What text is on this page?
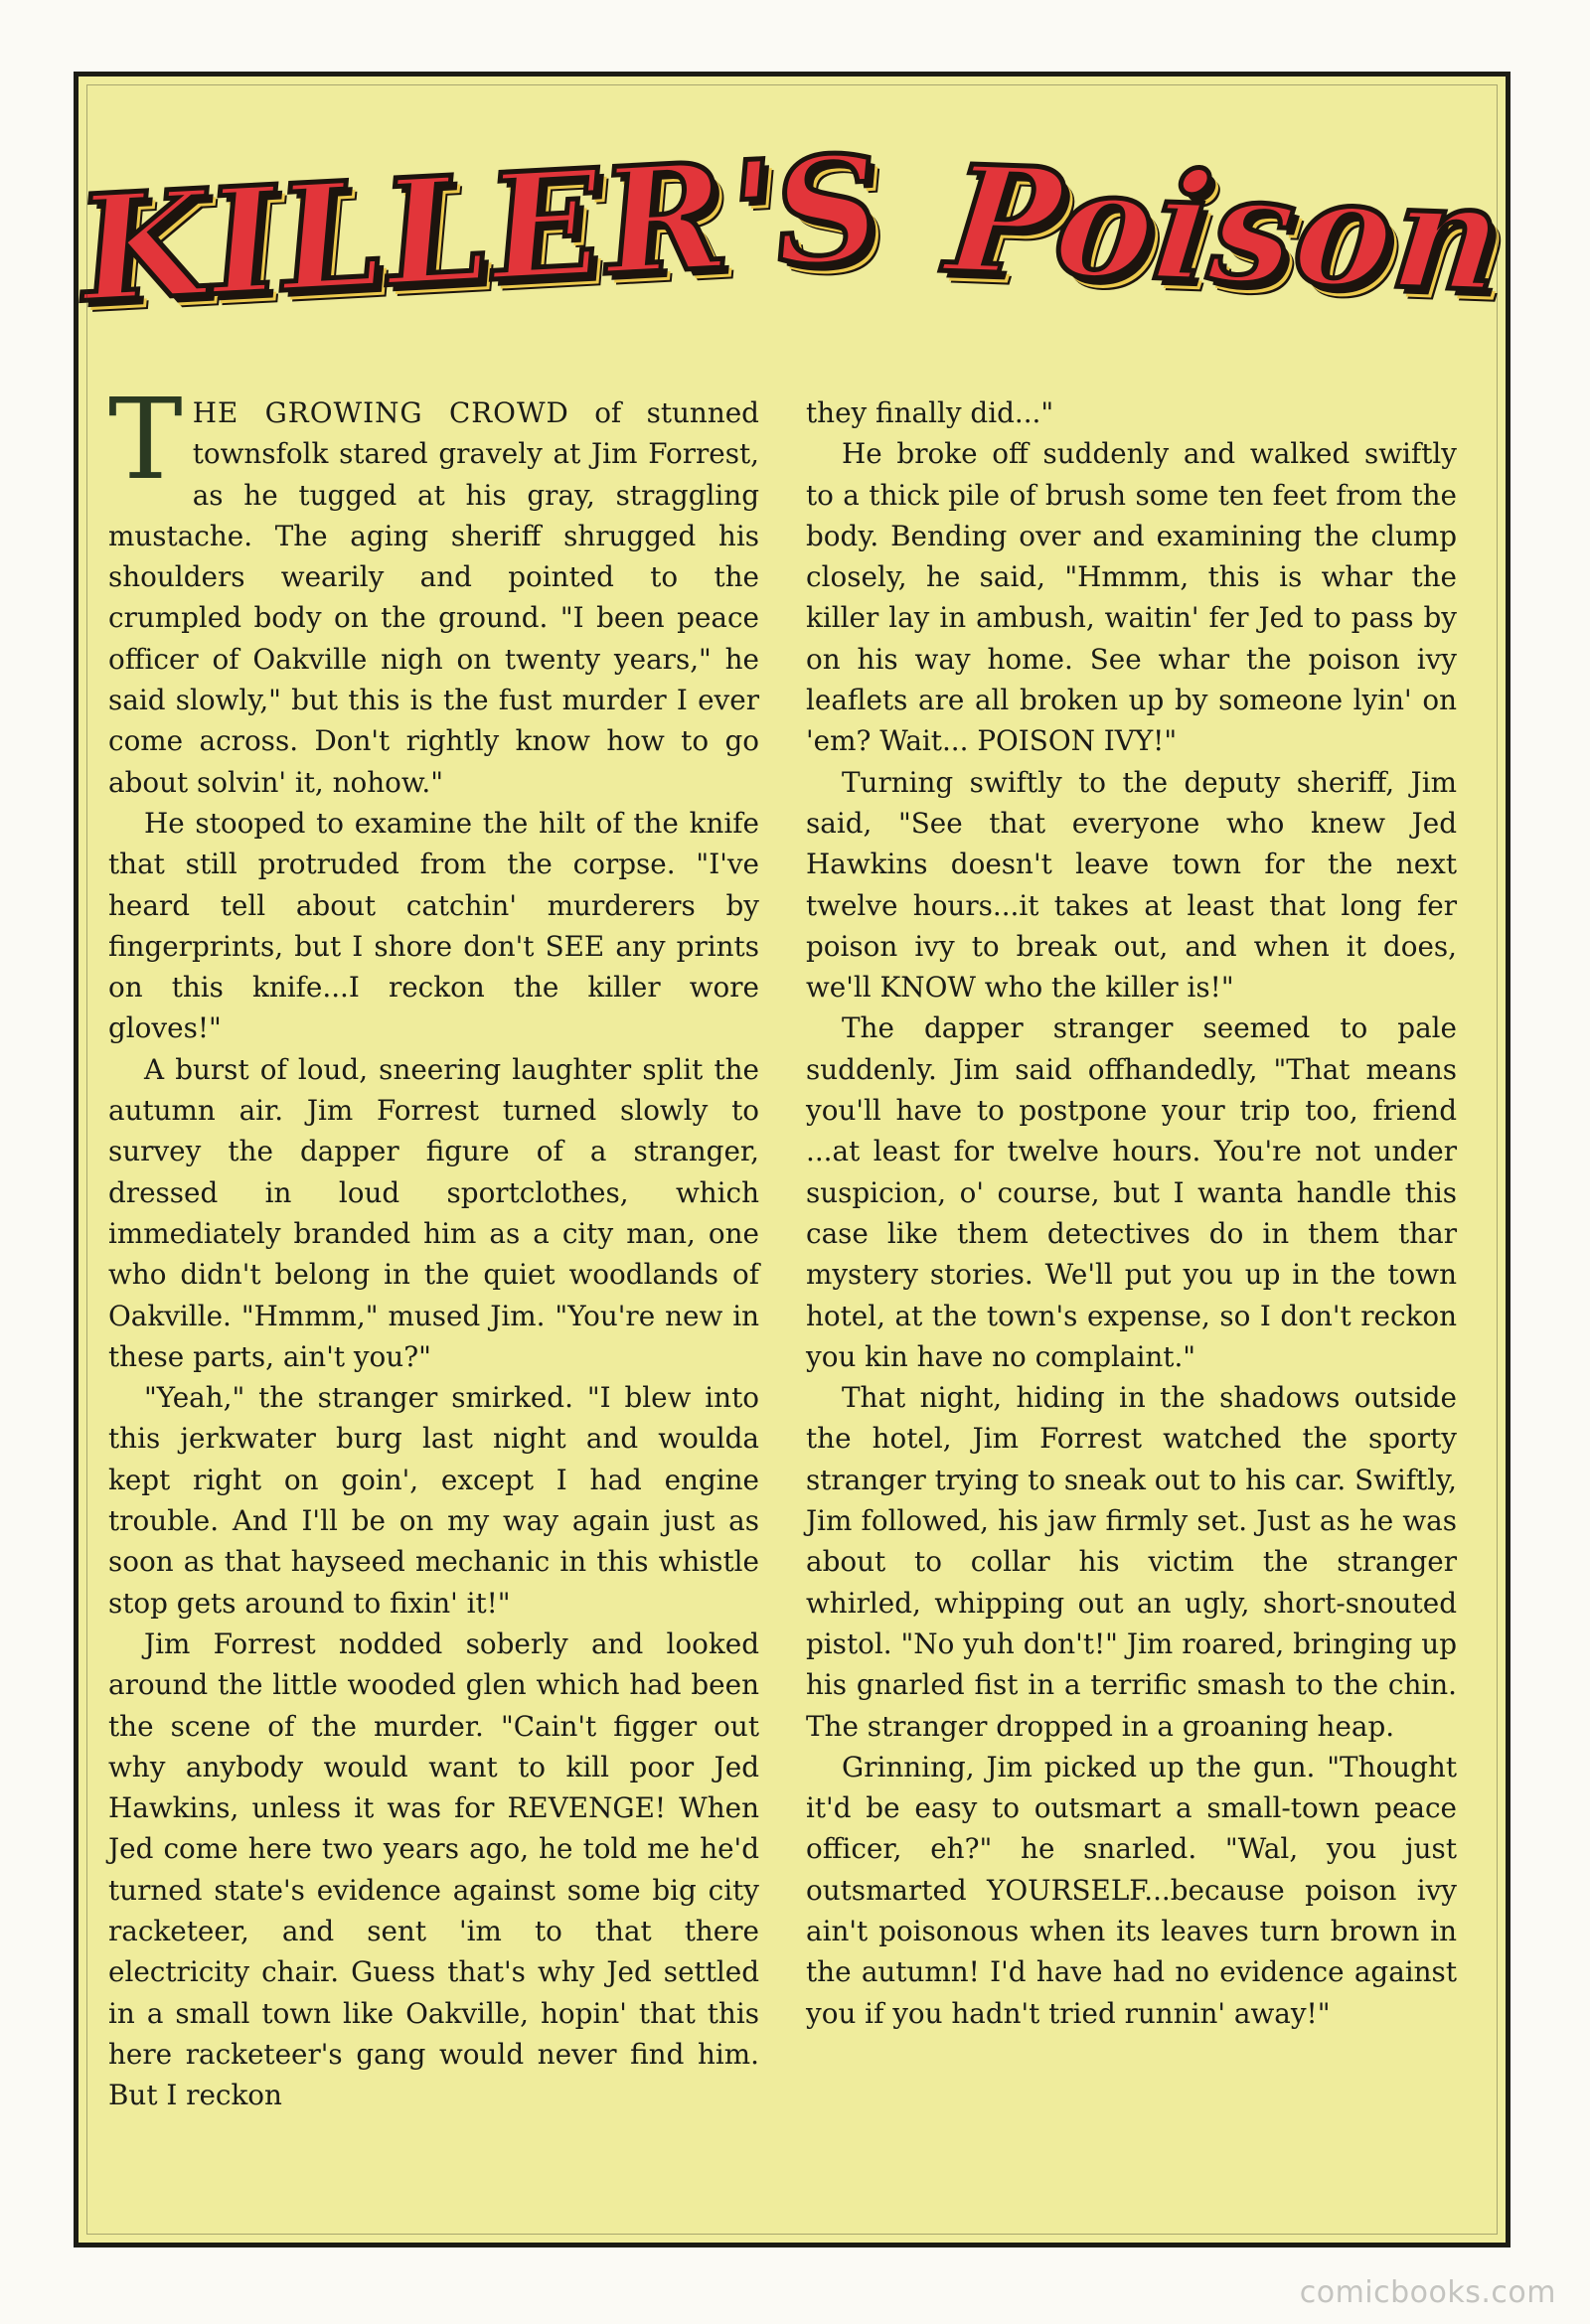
KILLER'S Poison

THE GROWING CROWD of stunned townsfolk stared gravely at Jim Forrest, as he tugged at his gray, straggling mustache. The aging sheriff shrugged his shoulders wearily and pointed to the crumpled body on the ground. "I been peace officer of Oakville nigh on twenty years," he said slowly," but this is the fust murder I ever come across. Don't rightly know how to go about solvin' it, nohow."

He stooped to examine the hilt of the knife that still protruded from the corpse. "I've heard tell about catchin' murderers by fingerprints, but I shore don't SEE any prints on this knife...I reckon the killer wore gloves!"

A burst of loud, sneering laughter split the autumn air. Jim Forrest turned slowly to survey the dapper figure of a stranger, dressed in loud sportclothes, which immediately branded him as a city man, one who didn't belong in the quiet woodlands of Oakville. "Hmmm," mused Jim. "You're new in these parts, ain't you?"

"Yeah," the stranger smirked. "I blew into this jerkwater burg last night and woulda kept right on goin', except I had engine trouble. And I'll be on my way again just as soon as that hayseed mechanic in this whistle stop gets around to fixin' it!"

Jim Forrest nodded soberly and looked around the little wooded glen which had been the scene of the murder. "Cain't figger out why anybody would want to kill poor Jed Hawkins, unless it was for REVENGE! When Jed come here two years ago, he told me he'd turned state's evidence against some big city racketeer, and sent 'im to that there electricity chair. Guess that's why Jed settled in a small town like Oakville, hopin' that this here racketeer's gang would never find him. But I reckon

they finally did..."

He broke off suddenly and walked swiftly to a thick pile of brush some ten feet from the body. Bending over and examining the clump closely, he said, "Hmmm, this is whar the killer lay in ambush, waitin' fer Jed to pass by on his way home. See whar the poison ivy leaflets are all broken up by someone lyin' on 'em? Wait... POISON IVY!"

Turning swiftly to the deputy sheriff, Jim said, "See that everyone who knew Jed Hawkins doesn't leave town for the next twelve hours...it takes at least that long fer poison ivy to break out, and when it does, we'll KNOW who the killer is!"

The dapper stranger seemed to pale suddenly. Jim said offhandedly, "That means you'll have to postpone your trip too, friend ...at least for twelve hours. You're not under suspicion, o' course, but I wanta handle this case like them detectives do in them thar mystery stories. We'll put you up in the town hotel, at the town's expense, so I don't reckon you kin have no complaint."

That night, hiding in the shadows outside the hotel, Jim Forrest watched the sporty stranger trying to sneak out to his car. Swiftly, Jim followed, his jaw firmly set. Just as he was about to collar his victim the stranger whirled, whipping out an ugly, short-snouted pistol. "No yuh don't!" Jim roared, bringing up his gnarled fist in a terrific smash to the chin. The stranger dropped in a groaning heap.

Grinning, Jim picked up the gun. "Thought it'd be easy to outsmart a small-town peace officer, eh?" he snarled. "Wal, you just outsmarted YOURSELF...because poison ivy ain't poisonous when its leaves turn brown in the autumn! I'd have had no evidence against you if you hadn't tried runnin' away!"

comicbooks.com
